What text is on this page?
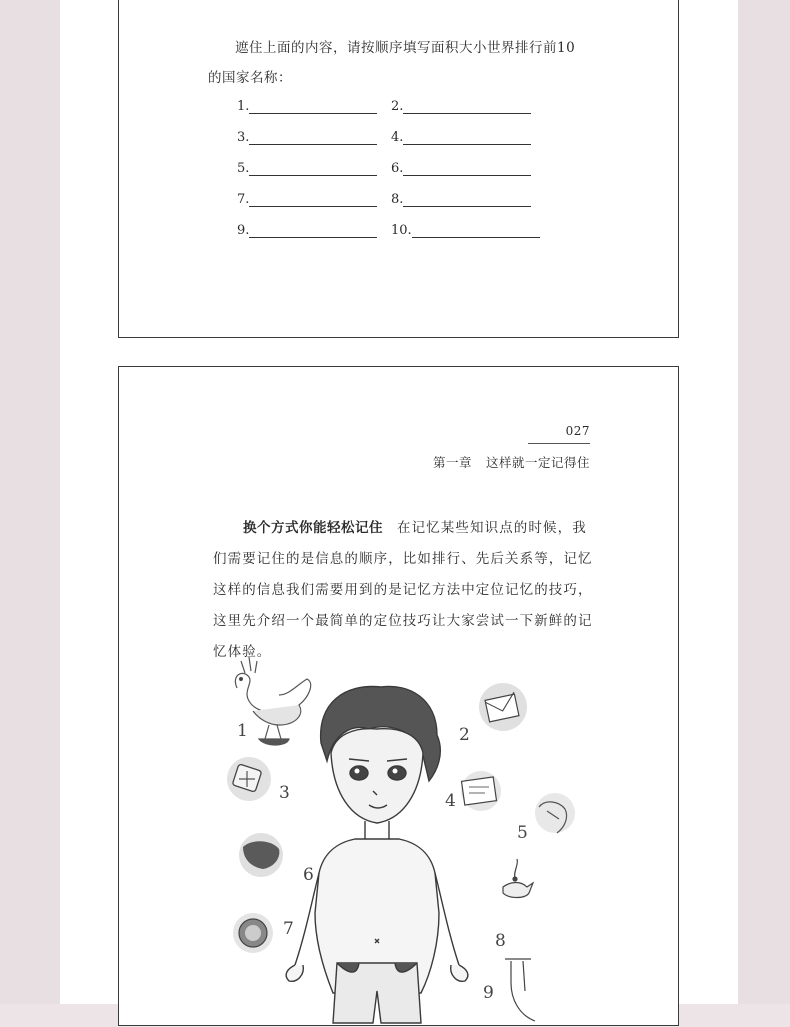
遮住上面的内容，请按顺序填写面积大小世界排行前10
的国家名称：
1.	2.
3.	4.
5.	6.
7.	8.
9.	10.
027
第一章 这样就一定记得住
换个方式你能轻松记住 在记忆某些知识点的时候，我们需要记住的是信息的顺序，比如排行、先后关系等，记忆这样的信息我们需要用到的是记忆方法中定位记忆的技巧，这里先介绍一个最简单的定位技巧让大家尝试一下新鲜的记忆体验。
1	2
3	4
5
6
7
8
9
